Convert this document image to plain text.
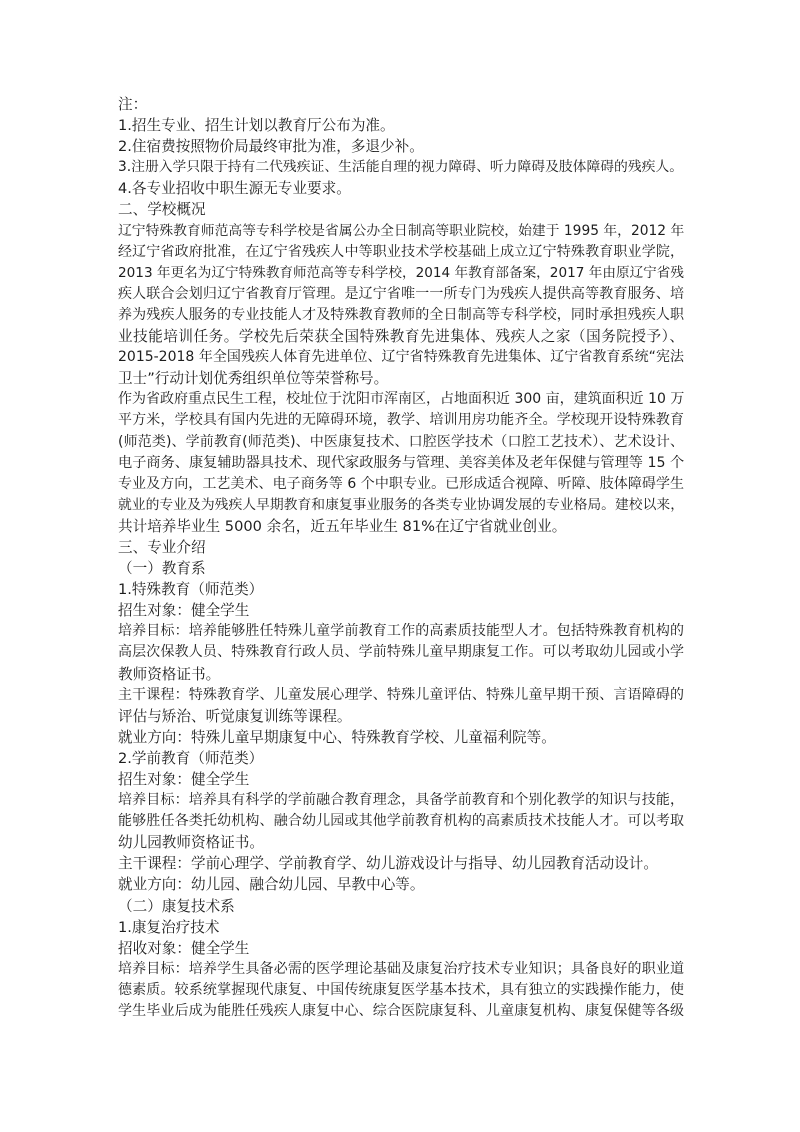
注：
1.招生专业、招生计划以教育厅公布为准。
2.住宿费按照物价局最终审批为准，多退少补。
3.注册入学只限于持有二代残疾证、生活能自理的视力障碍、听力障碍及肢体障碍的残疾人。
4.各专业招收中职生源无专业要求。
二、学校概况
辽宁特殊教育师范高等专科学校是省属公办全日制高等职业院校，始建于 1995 年，2012 年
经辽宁省政府批准，在辽宁省残疾人中等职业技术学校基础上成立辽宁特殊教育职业学院，
2013 年更名为辽宁特殊教育师范高等专科学校，2014 年教育部备案，2017 年由原辽宁省残
疾人联合会划归辽宁省教育厅管理。是辽宁省唯一一所专门为残疾人提供高等教育服务、培
养为残疾人服务的专业技能人才及特殊教育教师的全日制高等专科学校，同时承担残疾人职
业技能培训任务。学校先后荣获全国特殊教育先进集体、残疾人之家（国务院授予）、
2015-2018 年全国残疾人体育先进单位、辽宁省特殊教育先进集体、辽宁省教育系统“宪法
卫士”行动计划优秀组织单位等荣誉称号。
作为省政府重点民生工程，校址位于沈阳市浑南区，占地面积近 300 亩，建筑面积近 10 万
平方米，学校具有国内先进的无障碍环境，教学、培训用房功能齐全。学校现开设特殊教育
(师范类)、学前教育(师范类)、中医康复技术、口腔医学技术（口腔工艺技术）、艺术设计、
电子商务、康复辅助器具技术、现代家政服务与管理、美容美体及老年保健与管理等 15 个
专业及方向，工艺美术、电子商务等 6 个中职专业。已形成适合视障、听障、肢体障碍学生
就业的专业及为残疾人早期教育和康复事业服务的各类专业协调发展的专业格局。建校以来，
共计培养毕业生 5000 余名，近五年毕业生 81%在辽宁省就业创业。
三、专业介绍
（一）教育系
1.特殊教育（师范类）
招生对象：健全学生
培养目标：培养能够胜任特殊儿童学前教育工作的高素质技能型人才。包括特殊教育机构的
高层次保教人员、特殊教育行政人员、学前特殊儿童早期康复工作。可以考取幼儿园或小学
教师资格证书。
主干课程：特殊教育学、儿童发展心理学、特殊儿童评估、特殊儿童早期干预、言语障碍的
评估与矫治、听觉康复训练等课程。
就业方向：特殊儿童早期康复中心、特殊教育学校、儿童福利院等。
2.学前教育（师范类）
招生对象：健全学生
培养目标：培养具有科学的学前融合教育理念，具备学前教育和个别化教学的知识与技能，
能够胜任各类托幼机构、融合幼儿园或其他学前教育机构的高素质技术技能人才。可以考取
幼儿园教师资格证书。
主干课程：学前心理学、学前教育学、幼儿游戏设计与指导、幼儿园教育活动设计。
就业方向：幼儿园、融合幼儿园、早教中心等。
（二）康复技术系
1.康复治疗技术
招收对象：健全学生
培养目标：培养学生具备必需的医学理论基础及康复治疗技术专业知识；具备良好的职业道
德素质。较系统掌握现代康复、中国传统康复医学基本技术，具有独立的实践操作能力，使
学生毕业后成为能胜任残疾人康复中心、综合医院康复科、儿童康复机构、康复保健等各级
